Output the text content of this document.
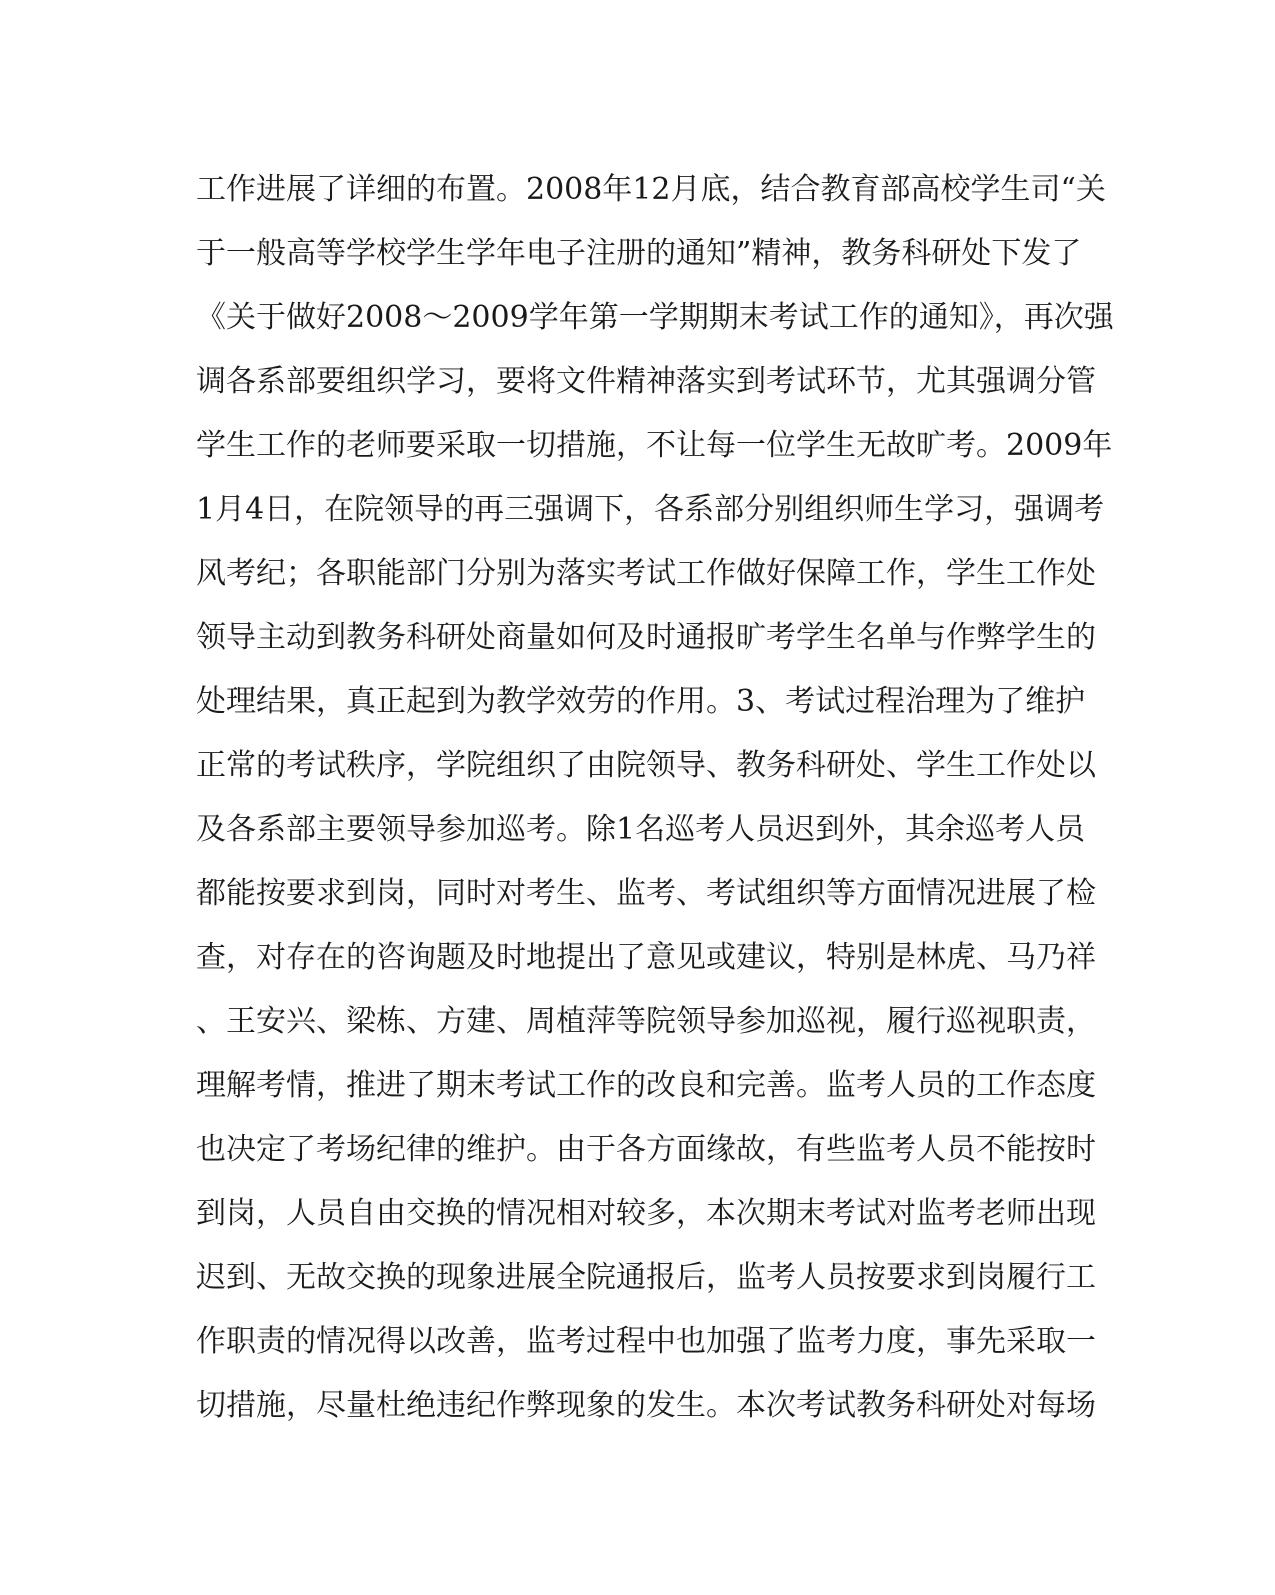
工作进展了详细的布置。2008年12月底，结合教育部高校学生司“关
于一般高等学校学生学年电子注册的通知”精神，教务科研处下发了
《关于做好2008～2009学年第一学期期末考试工作的通知》，再次强
调各系部要组织学习，要将文件精神落实到考试环节，尤其强调分管
学生工作的老师要采取一切措施，不让每一位学生无故旷考。2009年
1月4日，在院领导的再三强调下，各系部分别组织师生学习，强调考
风考纪；各职能部门分别为落实考试工作做好保障工作，学生工作处
领导主动到教务科研处商量如何及时通报旷考学生名单与作弊学生的
处理结果，真正起到为教学效劳的作用。3、考试过程治理为了维护
正常的考试秩序，学院组织了由院领导、教务科研处、学生工作处以
及各系部主要领导参加巡考。除1名巡考人员迟到外，其余巡考人员
都能按要求到岗，同时对考生、监考、考试组织等方面情况进展了检
查，对存在的咨询题及时地提出了意见或建议，特别是林虎、马乃祥
、王安兴、梁栋、方建、周植萍等院领导参加巡视，履行巡视职责，
理解考情，推进了期末考试工作的改良和完善。监考人员的工作态度
也决定了考场纪律的维护。由于各方面缘故，有些监考人员不能按时
到岗，人员自由交换的情况相对较多，本次期末考试对监考老师出现
迟到、无故交换的现象进展全院通报后，监考人员按要求到岗履行工
作职责的情况得以改善，监考过程中也加强了监考力度，事先采取一
切措施，尽量杜绝违纪作弊现象的发生。本次考试教务科研处对每场
